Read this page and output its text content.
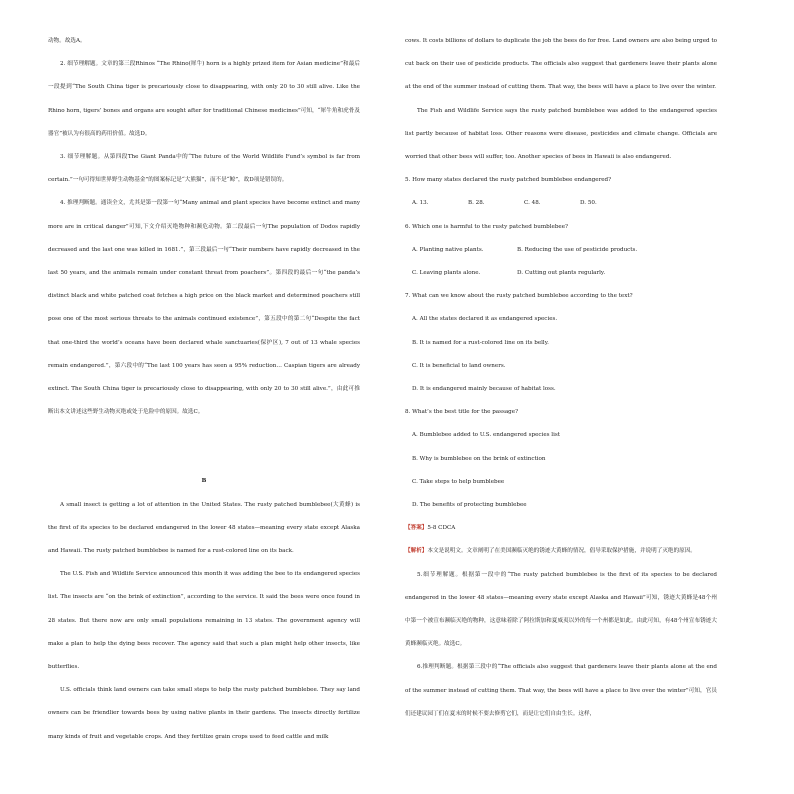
动物。故选A。

2. 细节理解题。文章的第三段Rhinos “The Rhino(犀牛) horn is a highly prized item for Asian medicine”和最后一段提到“The South China tiger is precariously close to disappearing, with only 20 to 30 still alive. Like the Rhino horn, tigers’ bones and organs are sought after for traditional Chinese medicines”可知，“犀牛角和虎骨及器官”被认为有很高的药用价值。故选D。

3. 细节理解题。从第四段The Giant Panda中的“The future of the World Wildlife Fund’s symbol is far from certain.”一句可得知世界野生动物基金”的图案标记是“大熊猫”，而不是“鲸”，故D项是错误的。

4. 推理判断题。通读全文，尤其是第一段第一句“Many animal and plant species have become extinct and many more are in critical danger”可知,下文介绍灭绝物种和濒危动物。第二段最后一句The population of Dodos rapidly decreased and the last one was killed in 1681.”，第三段最后一句“Their numbers have rapidly decreased in the last 50 years, and the animals remain under constant threat from poachers”。第四段的最后一句“the panda’s distinct black and white patched coat fetches a high price on the black market and determined poachers still pose one of the most serious threats to the animals continued existence”，第五段中的第二句“Despite the fact that one-third the world’s oceans have been declared whale sanctuaries(保护区), 7 out of 13 whale species remain endangered.”，第六段中的“The last 100 years has seen a 95% reduction… Caspian tigers are already extinct. The South China tiger is precariously close to disappearing, with only 20 to 30 still alive.”，由此可推断出本文讲述这些野生动物灭绝或处于危险中的原因。故选C。

B

A small insect is getting a lot of attention in the United States. The rusty patched bumblebee(大黄蜂) is the first of its species to be declared endangered in the lower 48 states—meaning every state except Alaska and Hawaii. The rusty patched bumblebee is named for a rust-colored line on its back.

The U.S. Fish and Wildlife Service announced this month it was adding the bee to its endangered species list. The insects are “on the brink of extinction”, according to the service. It said the bees were once found in 28 states. But there now are only small populations remaining in 13 states. The government agency will make a plan to help the dying bees recover. The agency said that such a plan might help other insects, like butterflies.

U.S. officials think land owners can take small steps to help the rusty patched bumblebee. They say land owners can be friendlier towards bees by using native plants in their gardens. The insects directly fertilize many kinds of fruit and vegetable crops. And they fertilize grain crops used to feed cattle and milk

cows. It costs billions of dollars to duplicate the job the bees do for free. Land owners are also being urged to cut back on their use of pesticide products. The officials also suggest that gardeners leave their plants alone at the end of the summer instead of cutting them. That way, the bees will have a place to live over the winter.

The Fish and Wildlife Service says the rusty patched bumblebee was added to the endangered species list partly because of habitat loss. Other reasons were disease, pesticides and climate change. Officials are worried that other bees will suffer, too. Another species of bees in Hawaii is also endangered.

5. How many states declared the rusty patched bumblebee endangered?

A. 13.	B. 28.	C. 48.	D. 50.

6. Which one is harmful to the rusty patched bumblebee?

A. Planting native plants.	B. Reducing the use of pesticide products.
C. Leaving plants alone.	D. Cutting out plants regularly.

7. What can we know about the rusty patched bumblebee according to the text?

A. All the states declared it as endangered species.

B. It is named for a rust-colored line on its belly.

C. It is beneficial to land owners.

D. It is endangered mainly because of habitat loss.

8. What’s the best title for the passage?

A. Bumblebee added to U.S. endangered species list

B. Why is bumblebee on the brink of extinction

C. Take steps to help bumblebee

D. The benefits of protecting bumblebee

【答案】5-8 CDCA

【解析】本文是说明文。文章阐明了在美国濒临灭绝的锈迹大黄蜂的情况，倡导采取保护措施，并说明了灭绝的原因。

5.细节理解题。根据第一段中的“The rusty patched bumblebee is the first of its species to be declared endangered in the lower 48 states—meaning every state except Alaska and Hawaii”可知，锈迹大黄蜂是48个州中第一个被宣布濒临灭绝的物种，这意味着除了阿拉斯加和夏威夷以外的每一个州都是如此。由此可知，有48个州宣布锈迹大黄蜂濒临灭绝。故选C。

6.推理判断题。根据第三段中的“The officials also suggest that gardeners leave their plants alone at the end of the summer instead of cutting them. That way, the bees will have a place to live over the winter”可知，官员们还建议园丁们在夏末的时候不要去修剪它们，而是让它们自由生长。这样，
